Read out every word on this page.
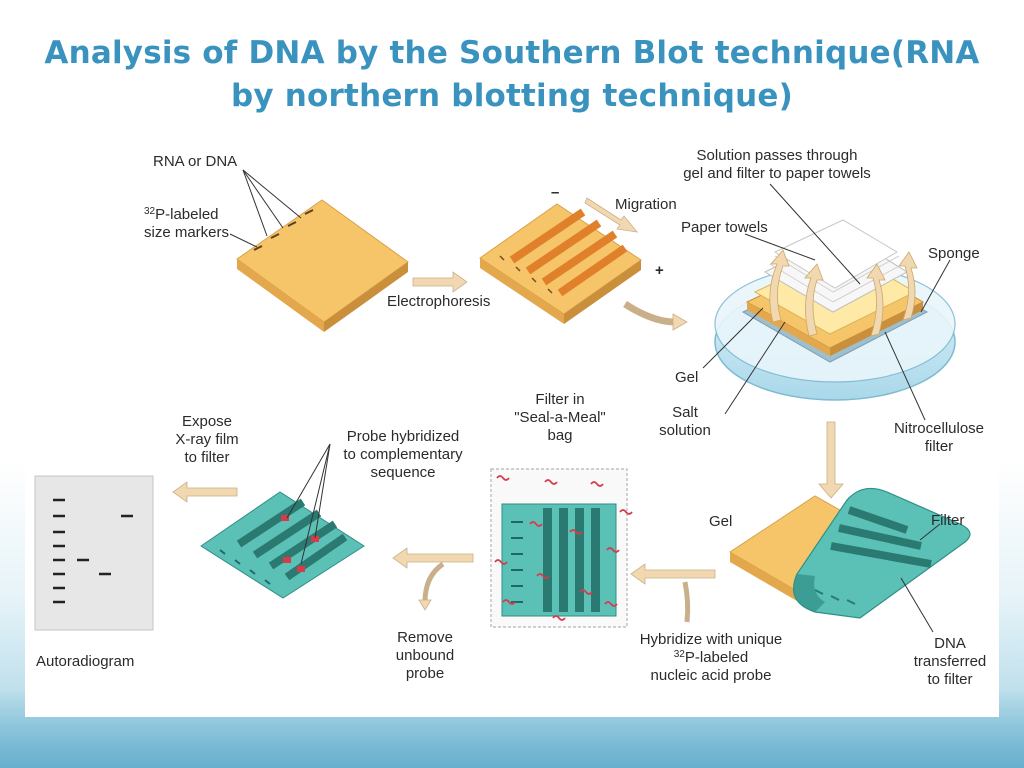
Analysis of DNA by the Southern Blot technique(RNA by northern blotting technique)
RNA or DNA
$^{32}$P-labeled
size markers
Electrophoresis
–
+
Migration
Solution passes through
gel and filter to paper towels
Paper towels
Sponge
Gel
Salt
solution	Nitrocellulose
filter
Gel	Filter
DNA
transferred
to filter
Hybridize with unique
$^{32}$P-labeled
nucleic acid probe
Filter in
"Seal-a-Meal"
bag
Remove
unbound
probe
Probe hybridized
to complementary
sequence
Expose
X-ray film
to filter
Autoradiogram
